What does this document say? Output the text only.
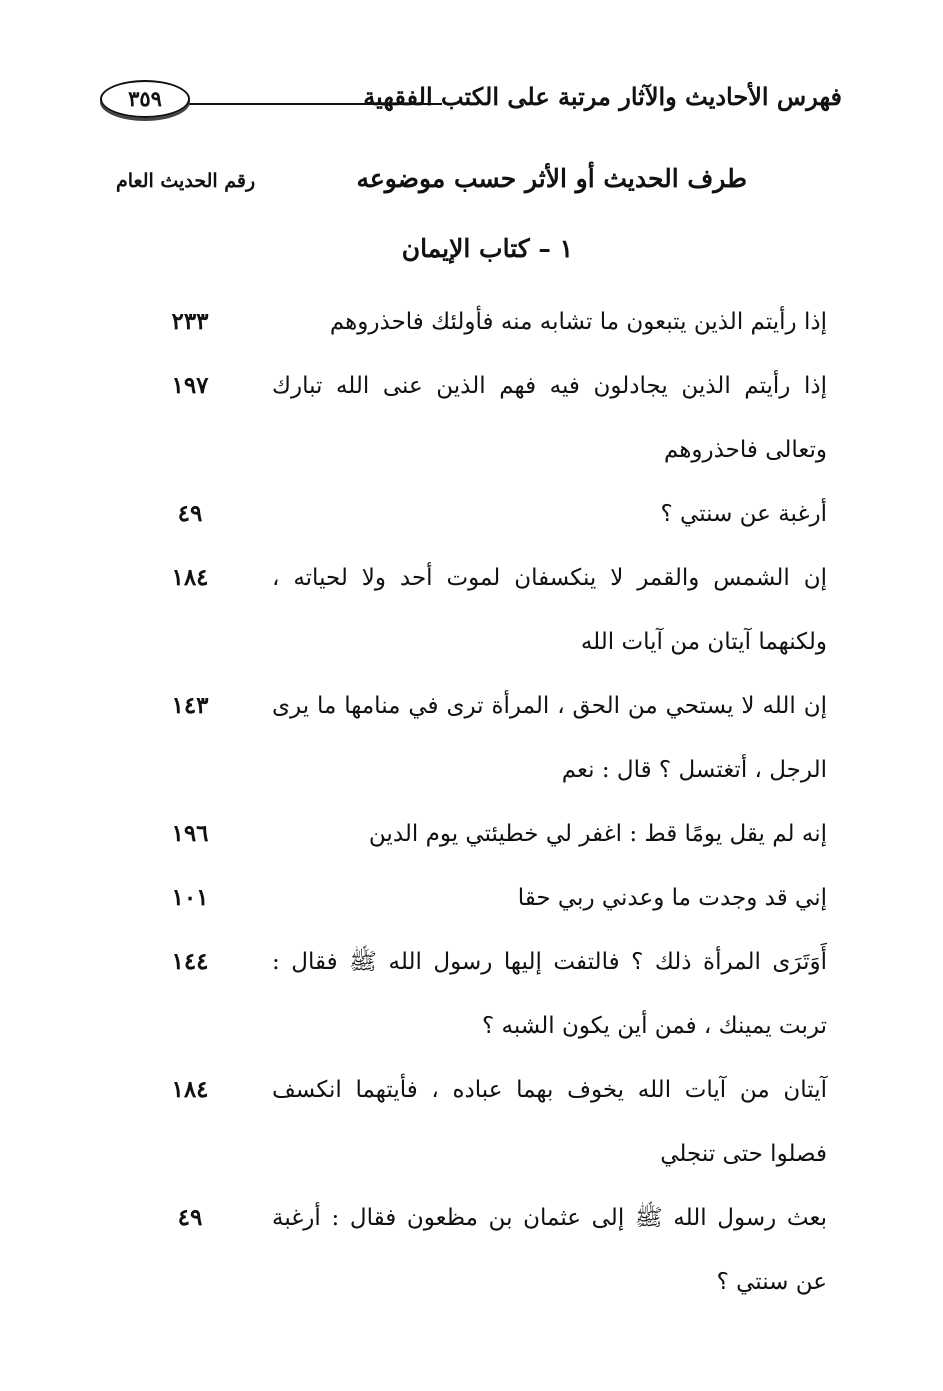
فهرس الأحاديث والآثار مرتبة على الكتب الفقهية
٣٥٩
طرف الحديث أو الأثر حسب موضوعه
رقم الحديث العام
١ – كتاب الإيمان
إذا رأيتم الذين يتبعون ما تشابه منه فأولئك فاحذروهم
٢٣٣
إذا رأيتم الذين يجادلون فيه فهم الذين عنى الله تبارك وتعالى فاحذروهم
١٩٧
أرغبة عن سنتي ؟
٤٩
إن الشمس والقمر لا ينكسفان لموت أحد ولا لحياته ، ولكنهما آيتان من آيات الله
١٨٤
إن الله لا يستحي من الحق ، المرأة ترى في منامها ما يرى الرجل ، أتغتسل ؟ قال : نعم
١٤٣
إنه لم يقل يومًا قط : اغفر لي خطيئتي يوم الدين
١٩٦
إني قد وجدت ما وعدني ربي حقا
١٠١
أَوَتَرَى المرأة ذلك ؟ فالتفت إليها رسول الله ﷺ فقال : تربت يمينك ، فمن أين يكون الشبه ؟
١٤٤
آيتان من آيات الله يخوف بهما عباده ، فأيتهما انكسف فصلوا حتى تنجلي
١٨٤
بعث رسول الله ﷺ إلى عثمان بن مظعون فقال : أرغبة عن سنتي ؟
٤٩
